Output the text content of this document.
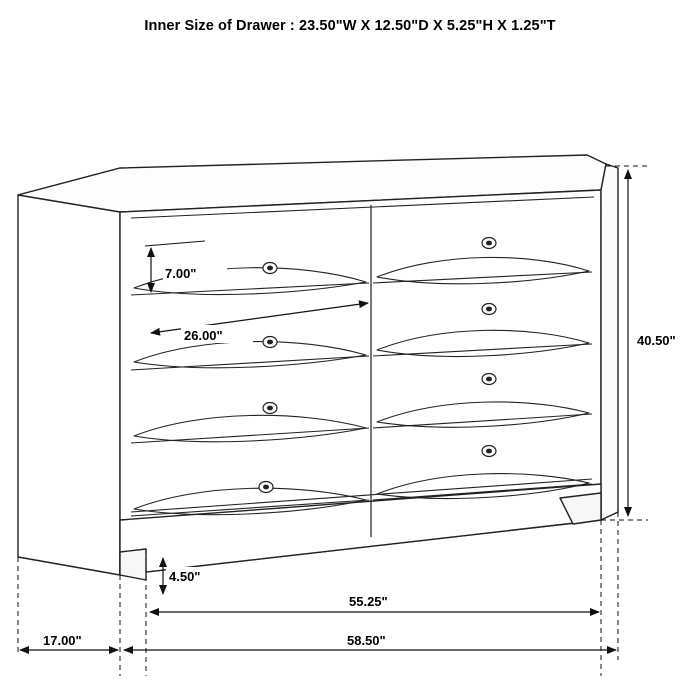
Inner Size of Drawer : 23.50"W X 12.50"D X 5.25"H X 1.25"T
7.00"
26.00"
4.50"
40.50"
55.25"
58.50"
17.00"
